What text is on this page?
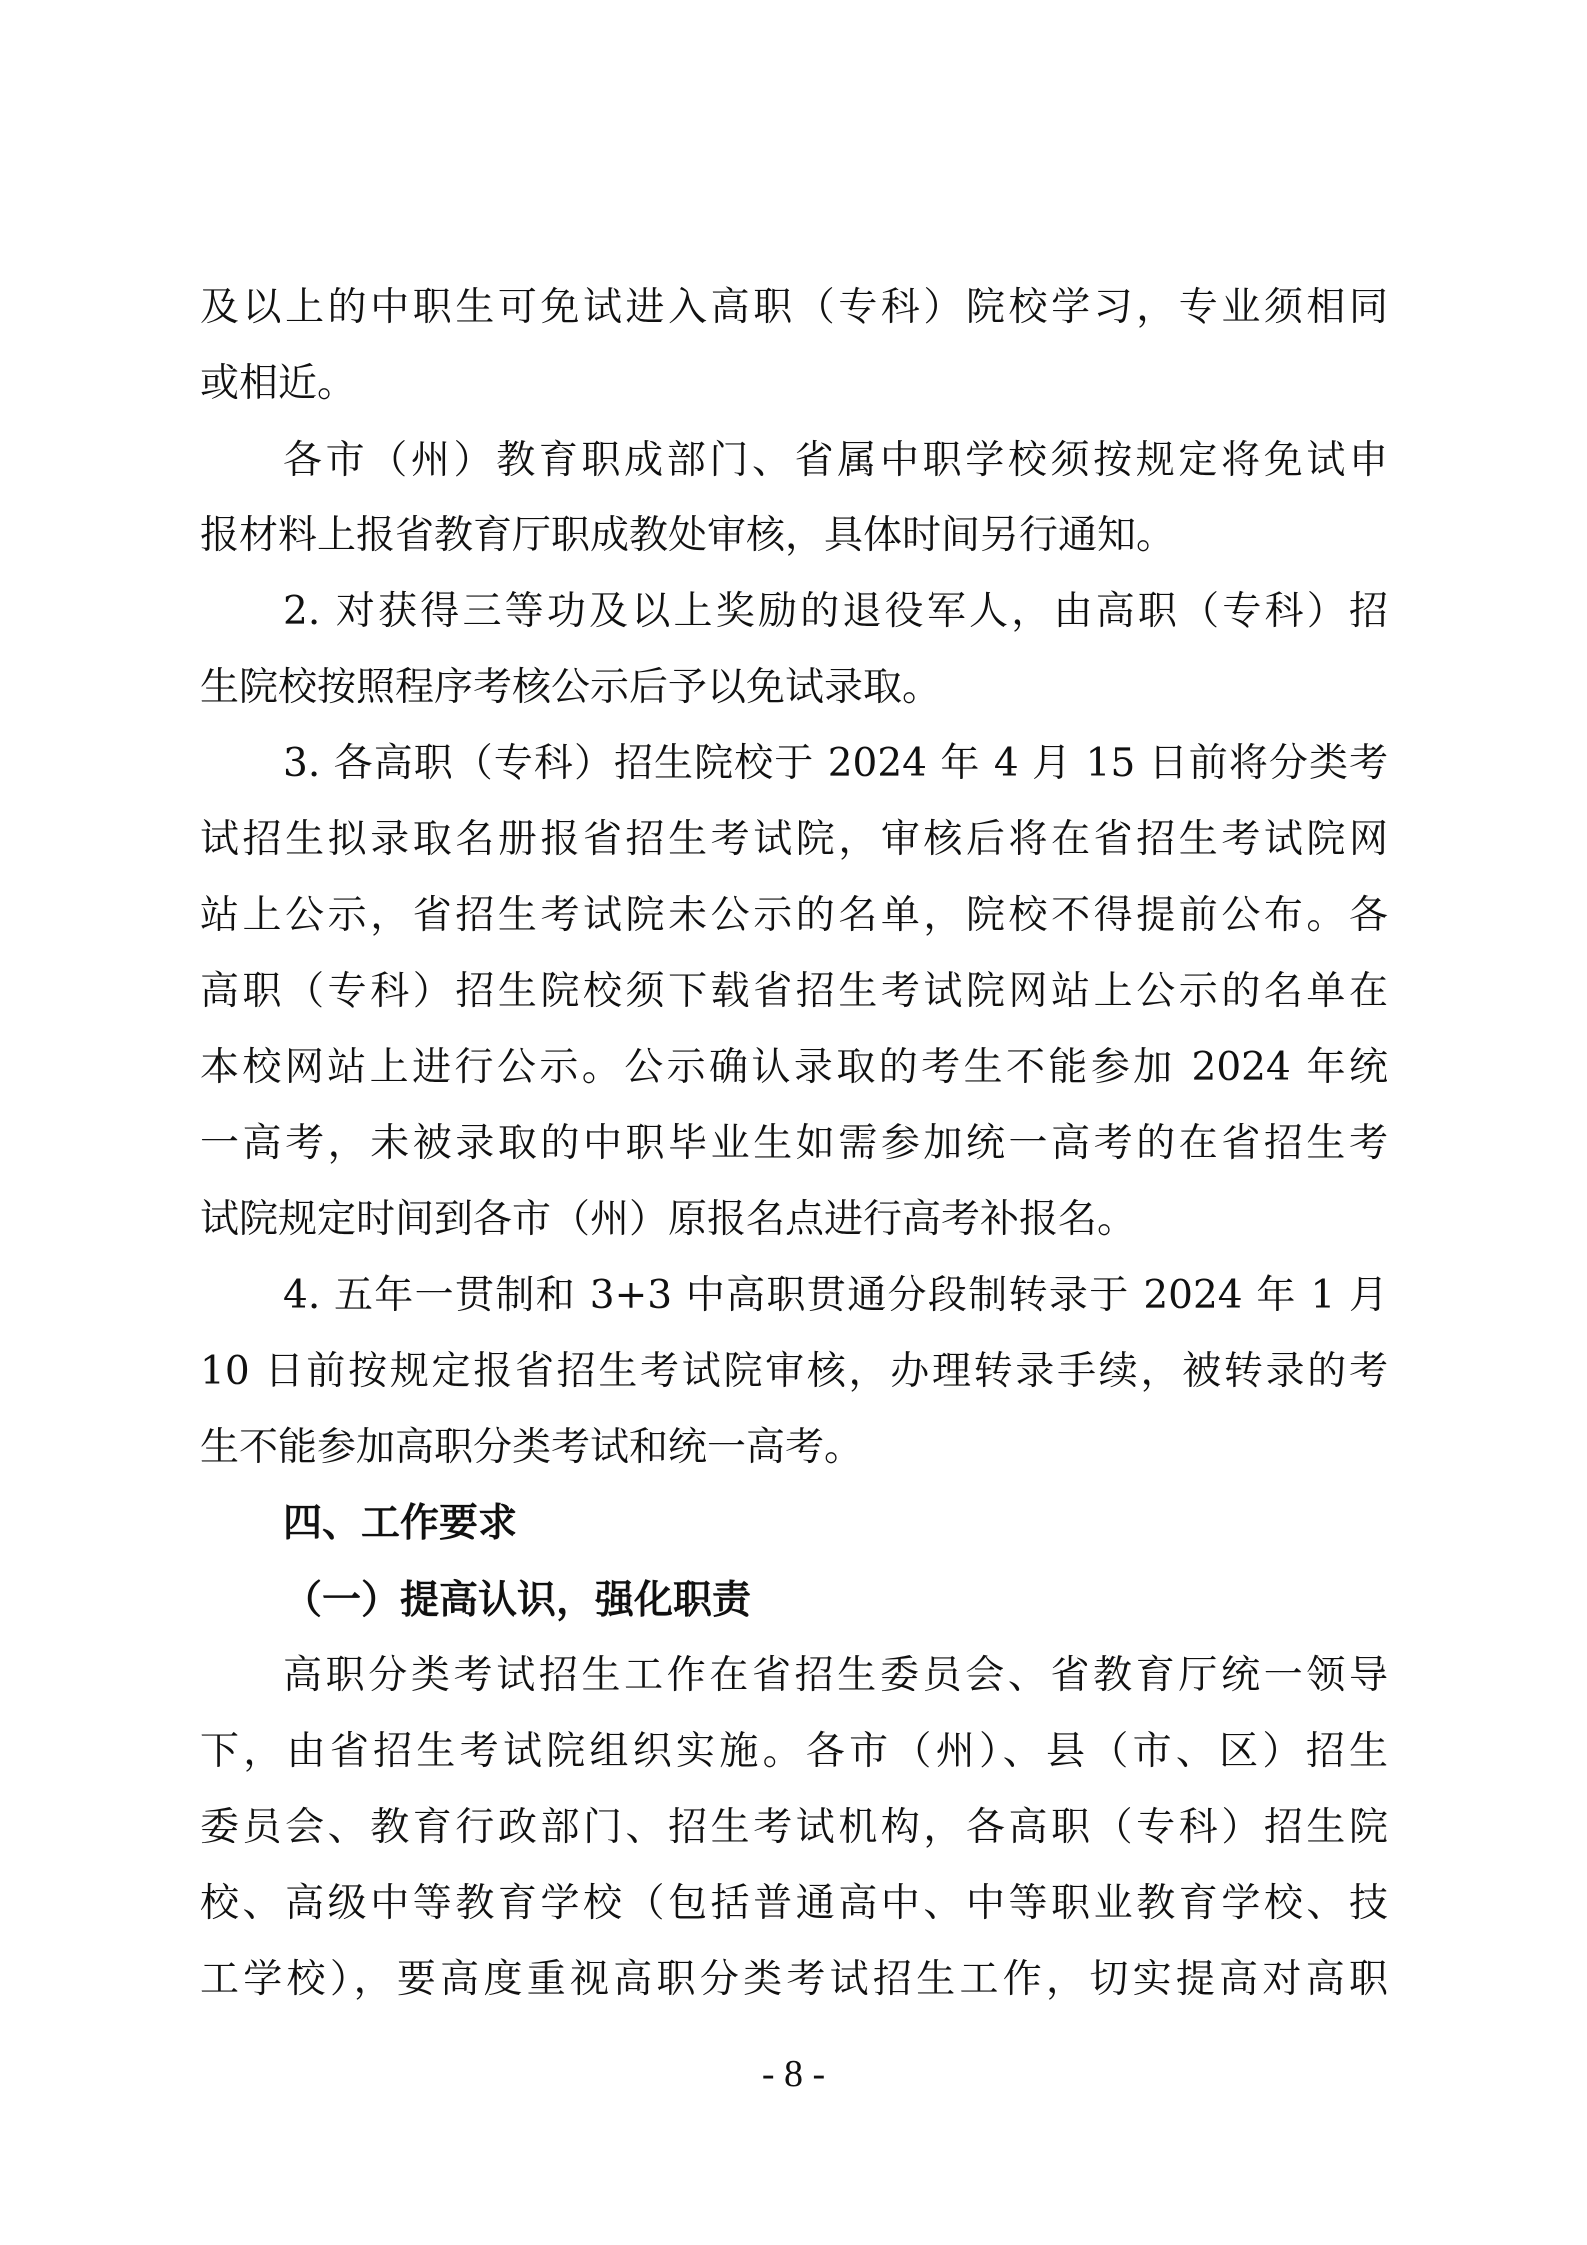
及以上的中职生可免试进入高职（专科）院校学习，专业须相同
或相近。
各市（州）教育职成部门、省属中职学校须按规定将免试申
报材料上报省教育厅职成教处审核，具体时间另行通知。
2. 对获得三等功及以上奖励的退役军人，由高职（专科）招
生院校按照程序考核公示后予以免试录取。
3. 各高职（专科）招生院校于 2024 年 4 月 15 日前将分类考
试招生拟录取名册报省招生考试院，审核后将在省招生考试院网
站上公示，省招生考试院未公示的名单，院校不得提前公布。各
高职（专科）招生院校须下载省招生考试院网站上公示的名单在
本校网站上进行公示。公示确认录取的考生不能参加 2024 年统
一高考，未被录取的中职毕业生如需参加统一高考的在省招生考
试院规定时间到各市（州）原报名点进行高考补报名。
4. 五年一贯制和 3+3 中高职贯通分段制转录于 2024 年 1 月
10 日前按规定报省招生考试院审核，办理转录手续，被转录的考
生不能参加高职分类考试和统一高考。
四、工作要求
（一）提高认识，强化职责
高职分类考试招生工作在省招生委员会、省教育厅统一领导
下，由省招生考试院组织实施。各市（州）、县（市、区）招生
委员会、教育行政部门、招生考试机构，各高职（专科）招生院
校、高级中等教育学校（包括普通高中、中等职业教育学校、技
工学校），要高度重视高职分类考试招生工作，切实提高对高职
- 8 -
